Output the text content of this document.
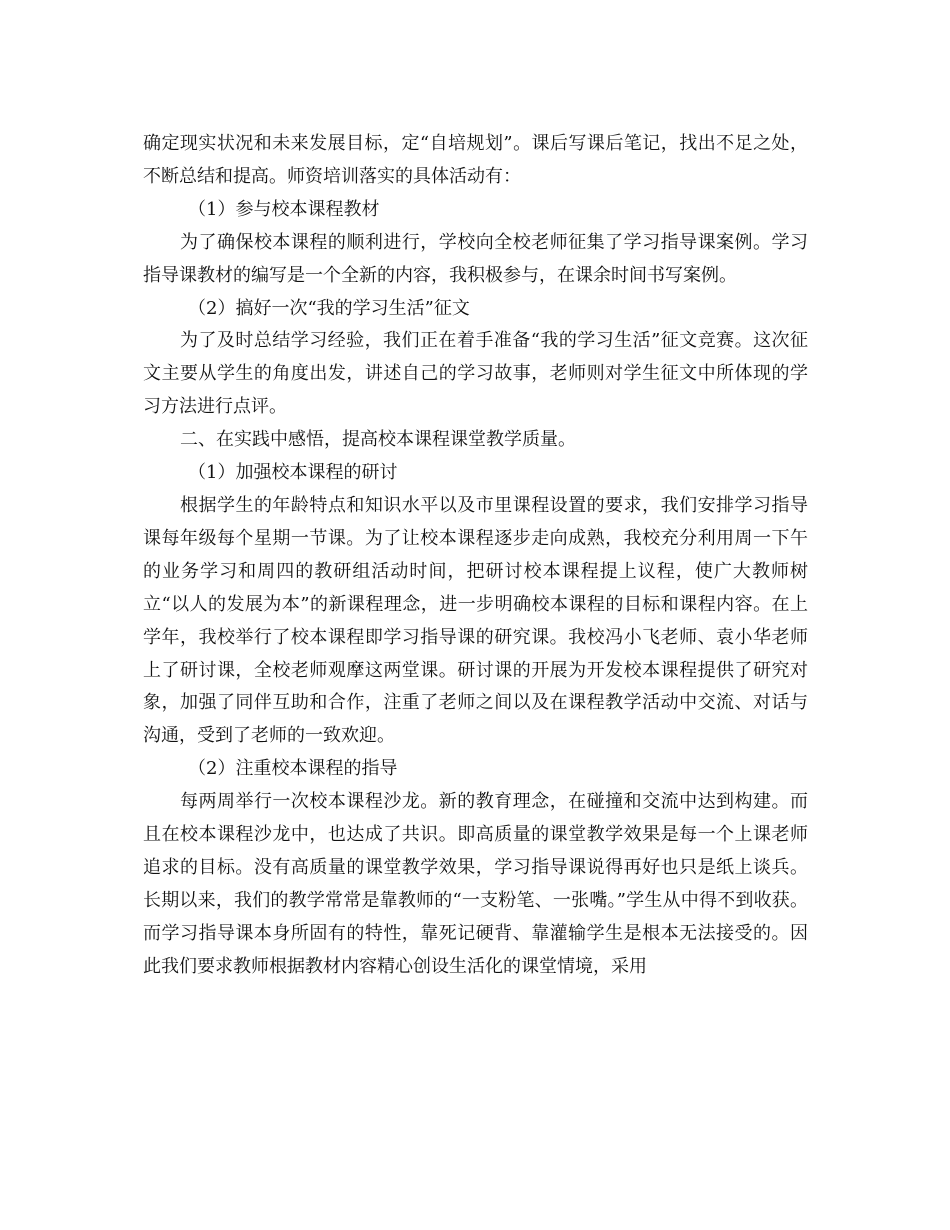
确定现实状况和未来发展目标，定“自培规划”。课后写课后笔记，找出不足之处，不断总结和提高。师资培训落实的具体活动有：

（1）参与校本课程教材

为了确保校本课程的顺利进行，学校向全校老师征集了学习指导课案例。学习指导课教材的编写是一个全新的内容，我积极参与，在课余时间书写案例。

（2）搞好一次“我的学习生活”征文

为了及时总结学习经验，我们正在着手准备“我的学习生活”征文竞赛。这次征文主要从学生的角度出发，讲述自己的学习故事，老师则对学生征文中所体现的学习方法进行点评。

二、在实践中感悟，提高校本课程课堂教学质量。

（1）加强校本课程的研讨

根据学生的年龄特点和知识水平以及市里课程设置的要求，我们安排学习指导课每年级每个星期一节课。为了让校本课程逐步走向成熟，我校充分利用周一下午的业务学习和周四的教研组活动时间，把研讨校本课程提上议程，使广大教师树立“以人的发展为本”的新课程理念，进一步明确校本课程的目标和课程内容。在上学年，我校举行了校本课程即学习指导课的研究课。我校冯小飞老师、袁小华老师上了研讨课，全校老师观摩这两堂课。研讨课的开展为开发校本课程提供了研究对象，加强了同伴互助和合作，注重了老师之间以及在课程教学活动中交流、对话与沟通，受到了老师的一致欢迎。

（2）注重校本课程的指导

每两周举行一次校本课程沙龙。新的教育理念，在碰撞和交流中达到构建。而且在校本课程沙龙中，也达成了共识。即高质量的课堂教学效果是每一个上课老师追求的目标。没有高质量的课堂教学效果，学习指导课说得再好也只是纸上谈兵。长期以来，我们的教学常常是靠教师的“一支粉笔、一张嘴。”学生从中得不到收获。而学习指导课本身所固有的特性，靠死记硬背、靠灌输学生是根本无法接受的。因此我们要求教师根据教材内容精心创设生活化的课堂情境，采用
